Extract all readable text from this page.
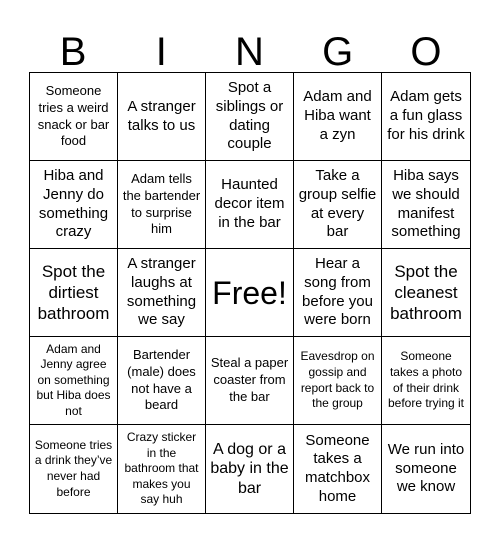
B	I	N	G	O
Someone tries a weird snack or bar food
A stranger talks to us
Spot a siblings or dating couple
Adam and Hiba want a zyn
Adam gets a fun glass for his drink
Hiba and Jenny do something crazy
Adam tells the bartender to surprise him
Haunted decor item in the bar
Take a group selfie at every bar
Hiba says we should manifest something
Spot the dirtiest bathroom
A stranger laughs at something we say
Free!
Hear a song from before you were born
Spot the cleanest bathroom
Adam and Jenny agree on something but Hiba does not
Bartender (male) does not have a beard
Steal a paper coaster from the bar
Eavesdrop on gossip and report back to the group
Someone takes a photo of their drink before trying it
Someone tries a drink they’ve never had before
Crazy sticker in the bathroom that makes you say huh
A dog or a baby in the bar
Someone takes a matchbox home
We run into someone we know
